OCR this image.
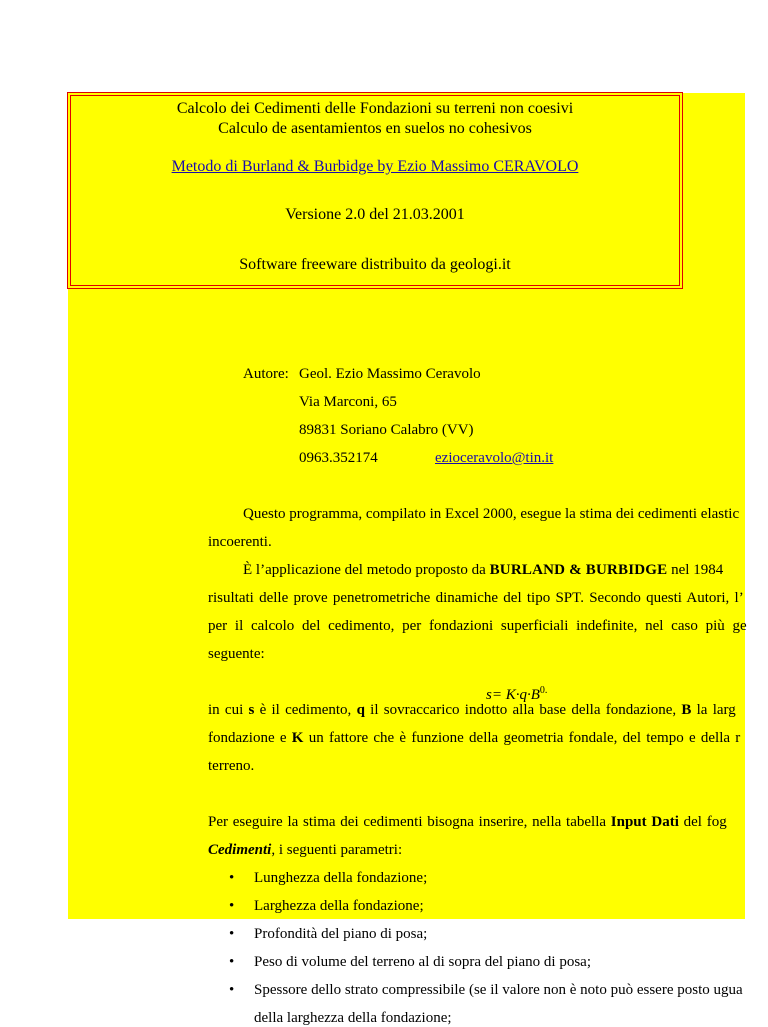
Calcolo dei Cedimenti delle Fondazioni su terreni non coesivi
Calculo de asentamientos en suelos no cohesivos
Metodo di Burland & Burbidge by Ezio Massimo CERAVOLO
Versione 2.0 del 21.03.2001
Software freeware distribuito da geologi.it
Autore: Geol. Ezio Massimo Ceravolo
Via Marconi, 65
89831 Soriano Calabro (VV)
0963.352174	ezioceravolo@tin.it
Questo programma, compilato in Excel 2000, esegue la stima dei cedimenti elastic
incoerenti.
È l’applicazione del metodo proposto da BURLAND & BURBIDGE nel 1984
risultati delle prove penetrometriche dinamiche del tipo SPT. Secondo questi Autori, l’
per il calcolo del cedimento, per fondazioni superficiali indefinite, nel caso più ge
seguente:
$s= K\cdot q\cdot B^{0.}$
in cui s è il cedimento, q il sovraccarico indotto alla base della fondazione, B la larg
fondazione e K un fattore che è funzione della geometria fondale, del tempo e della r
terreno.
Per eseguire la stima dei cedimenti bisogna inserire, nella tabella Input Dati del fog
Cedimenti, i seguenti parametri:
• Lunghezza della fondazione;
• Larghezza della fondazione;
• Profondità del piano di posa;
• Peso di volume del terreno al di sopra del piano di posa;
• Spessore dello strato compressibile (se il valore non è noto può essere posto ugua
della larghezza della fondazione;
